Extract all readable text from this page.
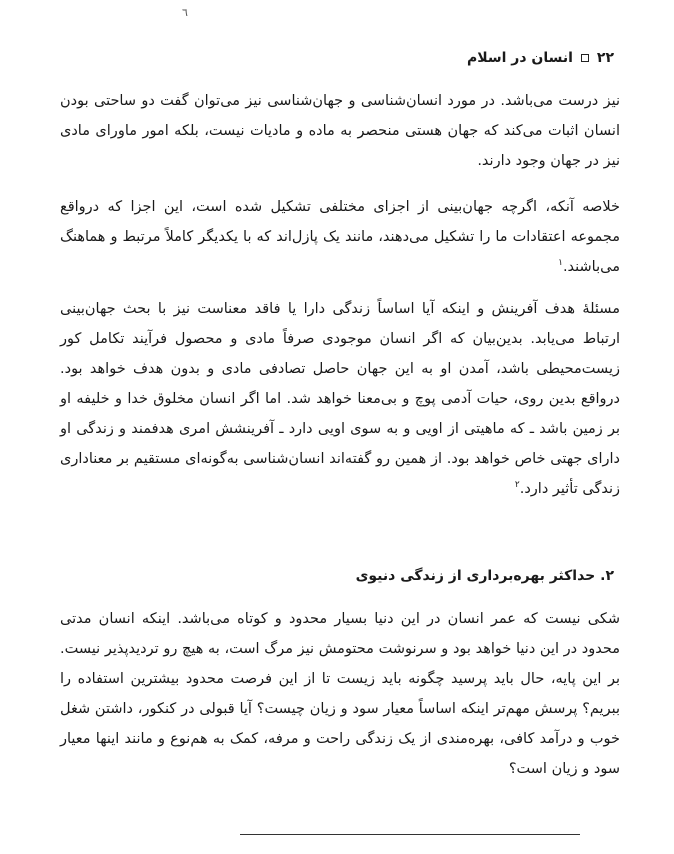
٦
۲۲
انسان در اسلام
نیز درست می‌باشد. در مورد انسان‌شناسی و جهان‌شناسی نیز می‌توان گفت دو ساحتی بودن انسان اثبات می‌کند که جهان هستی منحصر به ماده و مادیات نیست، بلکه امور ماورای مادی نیز در جهان وجود دارند.
خلاصه آنکه، اگرچه جهان‌بینی از اجزای مختلفی تشکیل شده است، این اجزا که درواقع مجموعه اعتقادات ما را تشکیل می‌دهند، مانند یک پازل‌اند که با یکدیگر کاملاً مرتبط و هماهنگ می‌باشند.$^۱$
مسئلهٔ هدف آفرینش و اینکه آیا اساساً زندگی دارا یا فاقد معناست نیز با بحث جهان‌بینی ارتباط می‌یابد. بدین‌بیان که اگر انسان موجودی صرفاً مادی و محصول فرآیند تکامل کور زیست‌محیطی باشد، آمدن او به این جهان حاصل تصادفی مادی و بدون هدف خواهد بود. درواقع بدین روی، حیات آدمی پوچ و بی‌معنا خواهد شد. اما اگر انسان مخلوق خدا و خلیفه او بر زمین باشد ـ که ماهیتی از اویی و به سوی اویی دارد ـ آفرینشش امری هدفمند و زندگی او دارای جهتی خاص خواهد بود. از همین رو گفته‌اند انسان‌شناسی به‌گونه‌ای مستقیم بر معناداری زندگی تأثیر دارد.$^۲$
۲. حداکثر بهره‌برداری از زندگی دنیوی
شکی نیست که عمر انسان در این دنیا بسیار محدود و کوتاه می‌باشد. اینکه انسان مدتی محدود در این دنیا خواهد بود و سرنوشت محتومش نیز مرگ است، به هیچ رو تردیدپذیر نیست. بر این پایه، حال باید پرسید چگونه باید زیست تا از این فرصت محدود بیشترین استفاده را ببریم؟ پرسش مهم‌تر اینکه اساساً معیار سود و زیان چیست؟ آیا قبولی در کنکور، داشتن شغل خوب و درآمد کافی، بهره‌مندی از یک زندگی راحت و مرفه، کمک به هم‌نوع و مانند اینها معیار سود و زیان است؟
